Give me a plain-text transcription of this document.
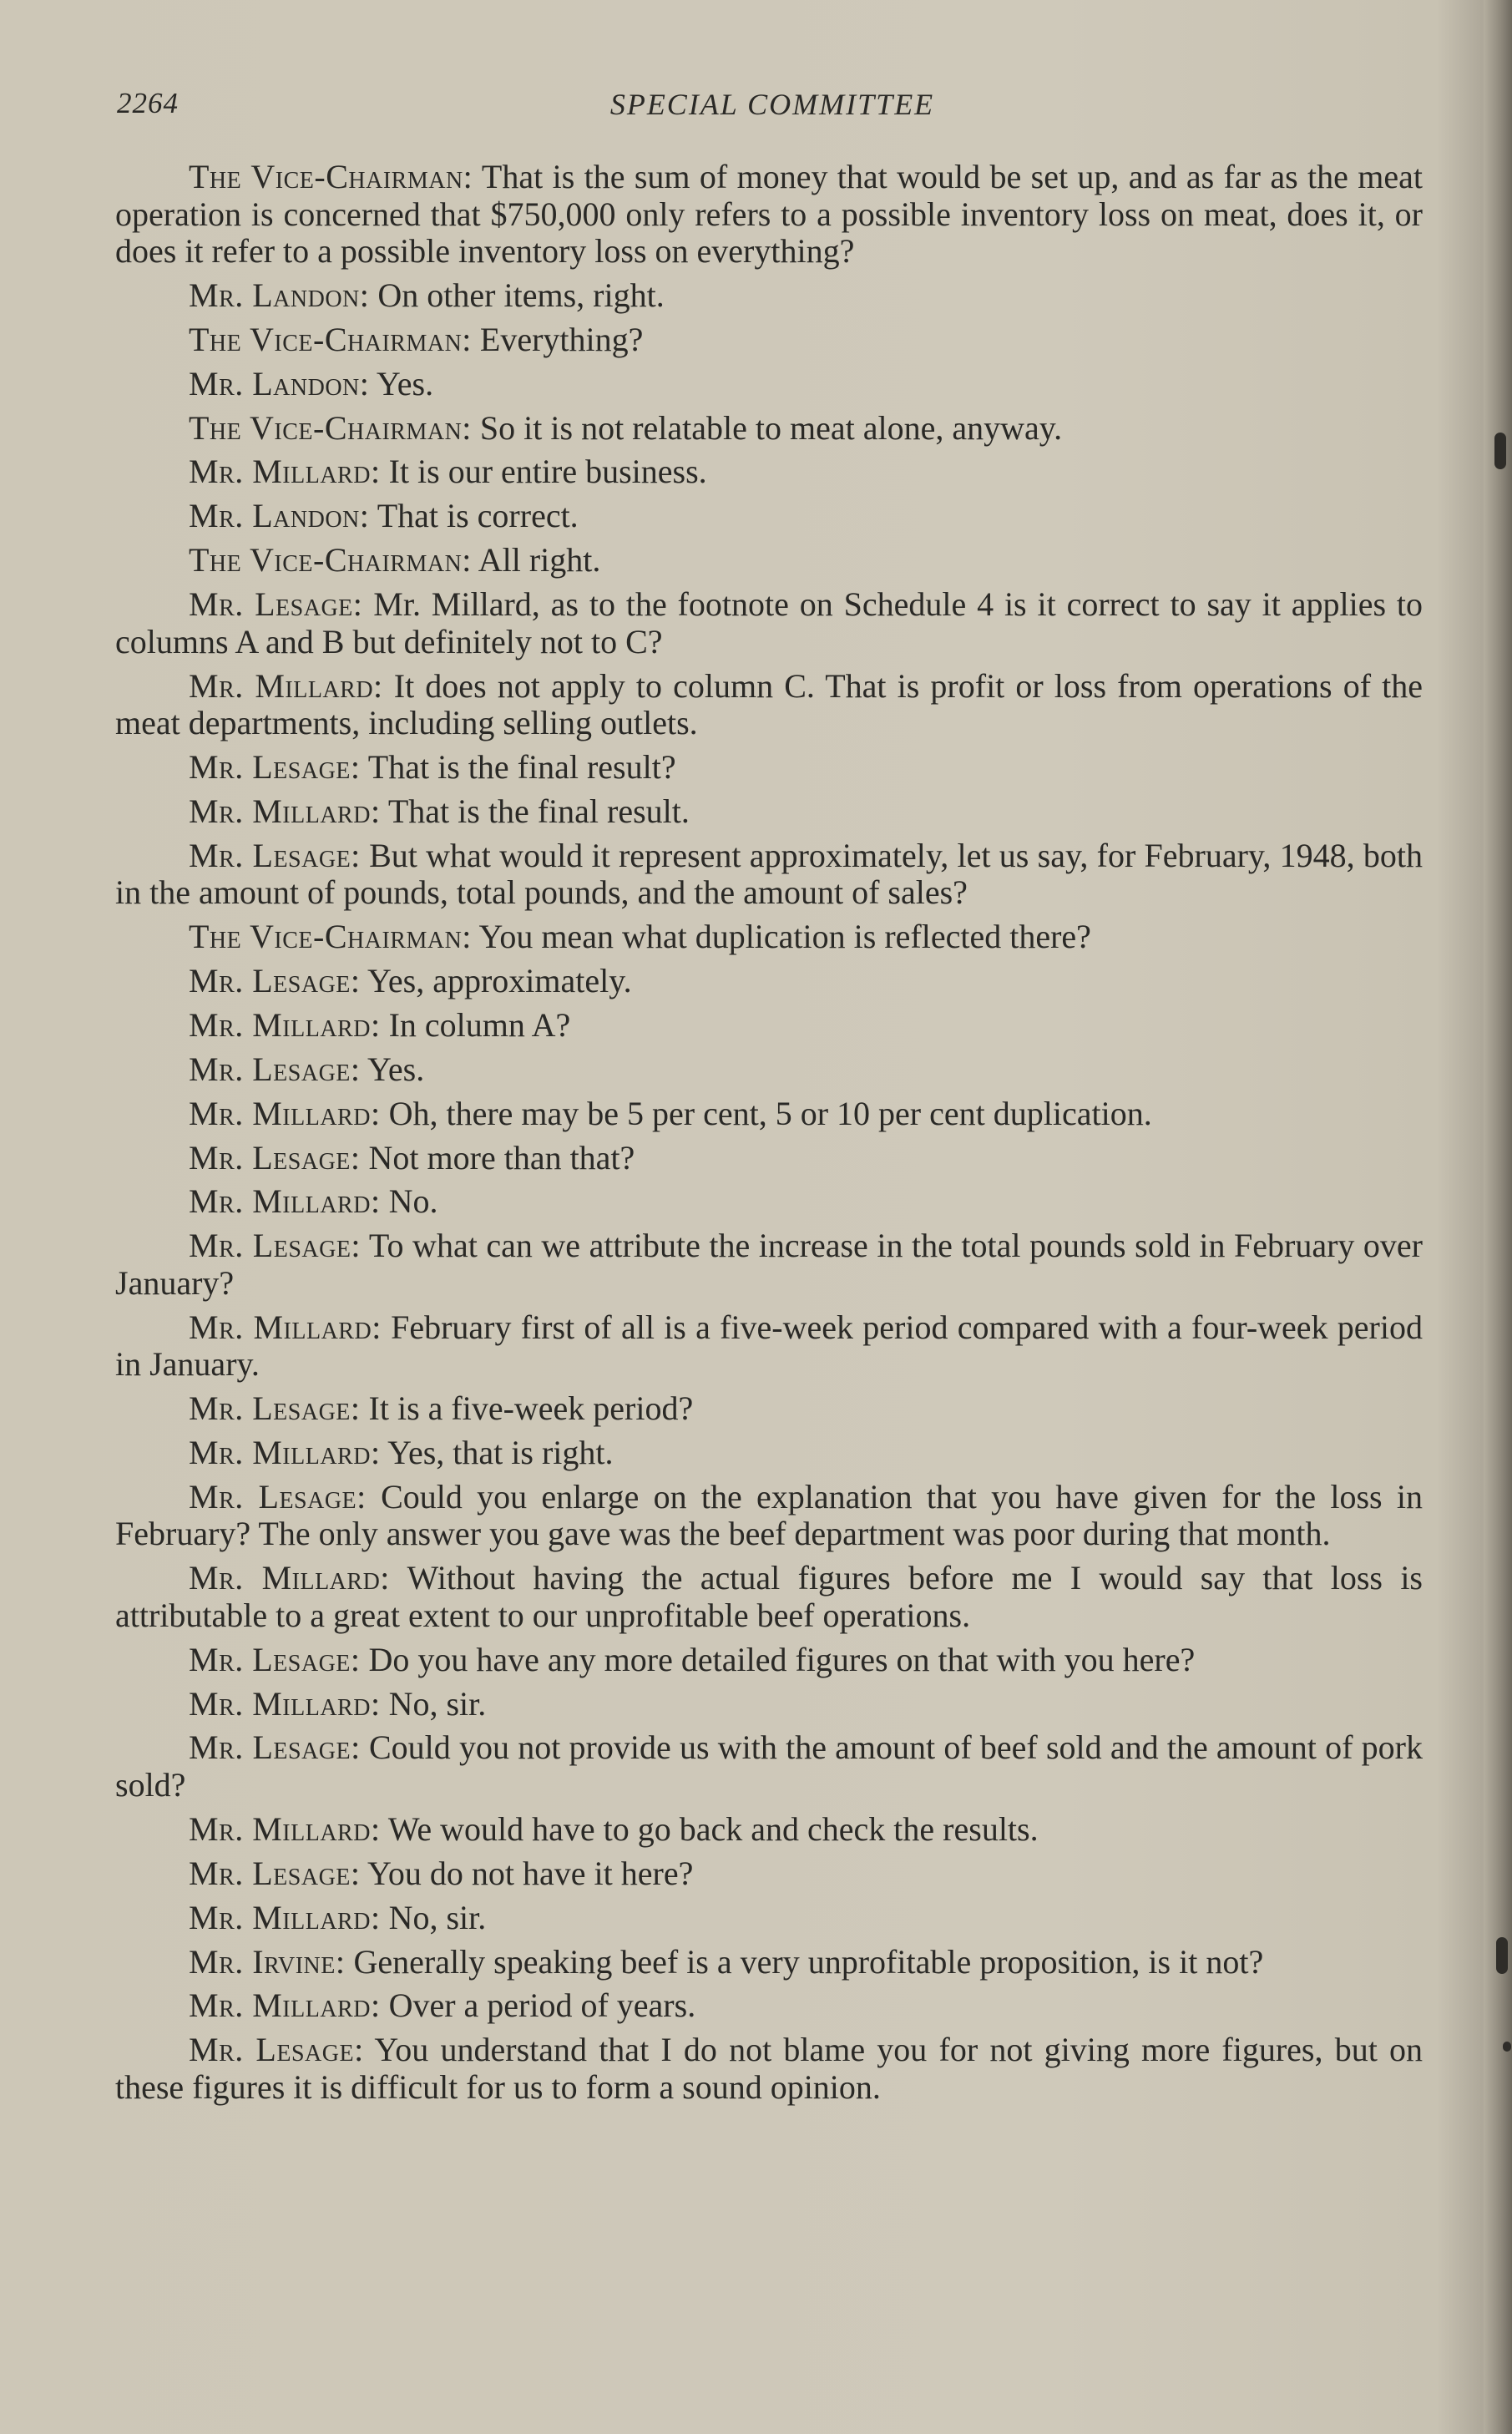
2264	SPECIAL COMMITTEE

The Vice-Chairman: That is the sum of money that would be set up, and as far as the meat operation is concerned that $750,000 only refers to a possible inventory loss on meat, does it, or does it refer to a possible inventory loss on everything?

Mr. Landon: On other items, right.

The Vice-Chairman: Everything?

Mr. Landon: Yes.

The Vice-Chairman: So it is not relatable to meat alone, anyway.

Mr. Millard: It is our entire business.

Mr. Landon: That is correct.

The Vice-Chairman: All right.

Mr. Lesage: Mr. Millard, as to the footnote on Schedule 4 is it correct to say it applies to columns A and B but definitely not to C?

Mr. Millard: It does not apply to column C. That is profit or loss from operations of the meat departments, including selling outlets.

Mr. Lesage: That is the final result?

Mr. Millard: That is the final result.

Mr. Lesage: But what would it represent approximately, let us say, for February, 1948, both in the amount of pounds, total pounds, and the amount of sales?

The Vice-Chairman: You mean what duplication is reflected there?

Mr. Lesage: Yes, approximately.

Mr. Millard: In column A?

Mr. Lesage: Yes.

Mr. Millard: Oh, there may be 5 per cent, 5 or 10 per cent duplication.

Mr. Lesage: Not more than that?

Mr. Millard: No.

Mr. Lesage: To what can we attribute the increase in the total pounds sold in February over January?

Mr. Millard: February first of all is a five-week period compared with a four-week period in January.

Mr. Lesage: It is a five-week period?

Mr. Millard: Yes, that is right.

Mr. Lesage: Could you enlarge on the explanation that you have given for the loss in February? The only answer you gave was the beef department was poor during that month.

Mr. Millard: Without having the actual figures before me I would say that loss is attributable to a great extent to our unprofitable beef operations.

Mr. Lesage: Do you have any more detailed figures on that with you here?

Mr. Millard: No, sir.

Mr. Lesage: Could you not provide us with the amount of beef sold and the amount of pork sold?

Mr. Millard: We would have to go back and check the results.

Mr. Lesage: You do not have it here?

Mr. Millard: No, sir.

Mr. Irvine: Generally speaking beef is a very unprofitable proposition, is it not?

Mr. Millard: Over a period of years.

Mr. Lesage: You understand that I do not blame you for not giving more figures, but on these figures it is difficult for us to form a sound opinion.
